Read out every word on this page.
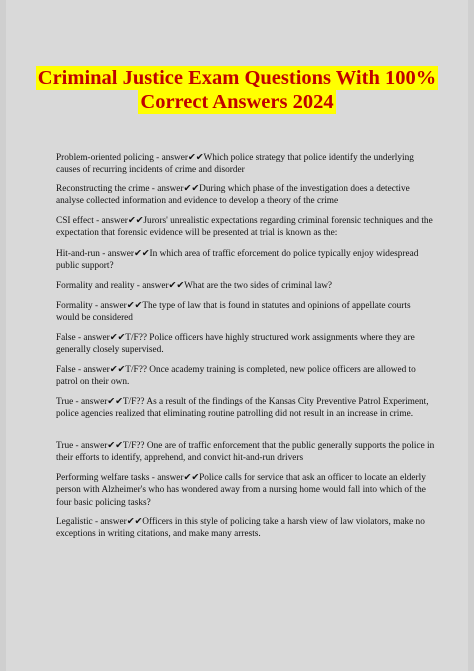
Criminal Justice Exam Questions With 100%
Correct Answers 2024
Problem-oriented policing - answer✔✔Which police strategy that police identify the underlying causes of recurring incidents of crime and disorder
Reconstructing the crime - answer✔✔During which phase of the investigation does a detective analyse collected information and evidence to develop a theory of the crime
CSI effect - answer✔✔Jurors' unrealistic expectations regarding criminal forensic techniques and the expectation that forensic evidence will be presented at trial is known as the:
Hit-and-run - answer✔✔In which area of traffic eforcement do police typically enjoy widespread public support?
Formality and reality - answer✔✔What are the two sides of criminal law?
Formality - answer✔✔The type of law that is found in statutes and opinions of appellate courts would be considered
False - answer✔✔T/F?? Police officers have highly structured work assignments where they are generally closely supervised.
False - answer✔✔T/F?? Once academy training is completed, new police officers are allowed to patrol on their own.
True - answer✔✔T/F?? As a result of the findings of the Kansas City Preventive Patrol Experiment, police agencies realized that eliminating routine patrolling did not result in an increase in crime.
True - answer✔✔T/F?? One are of traffic enforcement that the public generally supports the police in their efforts to identify, apprehend, and convict hit-and-run drivers
Performing welfare tasks - answer✔✔Police calls for service that ask an officer to locate an elderly person with Alzheimer's who has wondered away from a nursing home would fall into which of the four basic policing tasks?
Legalistic - answer✔✔Officers in this style of policing take a harsh view of law violators, make no exceptions in writing citations, and make many arrests.
